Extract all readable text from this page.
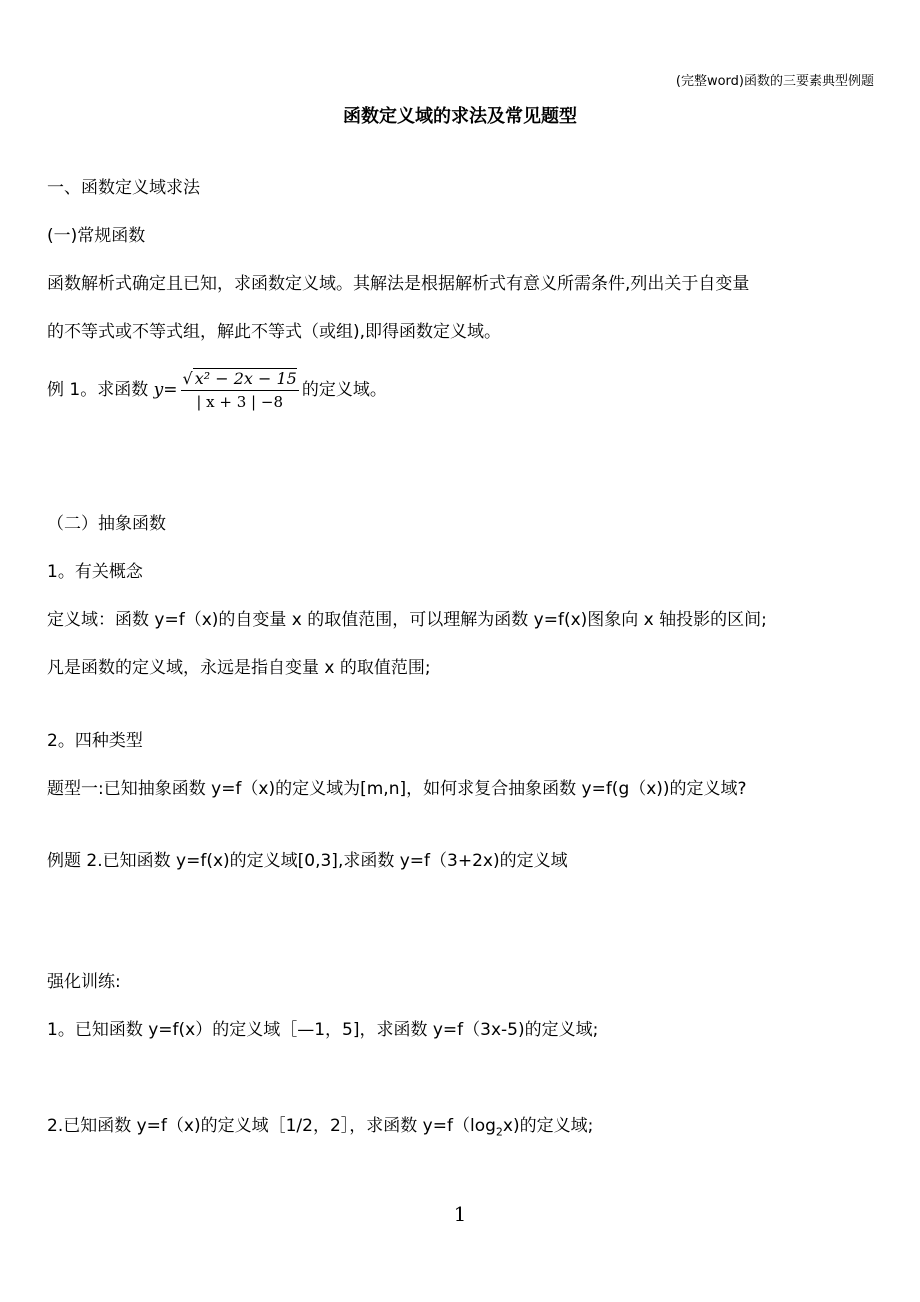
(完整word)函数的三要素典型例题
函数定义域的求法及常见题型
一、函数定义域求法
(一)常规函数
函数解析式确定且已知，求函数定义域。其解法是根据解析式有意义所需条件,列出关于自变量
的不等式或不等式组，解此不等式（或组),即得函数定义域。
例 1。求函数 $y= \frac{\text{√ x² − 2x − 15}}{| x + 3 | -8}$ 的定义域。
（二）抽象函数
1。有关概念
定义域：函数 y=f（x)的自变量 x 的取值范围，可以理解为函数 y=f(x)图象向 x 轴投影的区间;
凡是函数的定义域，永远是指自变量 x 的取值范围;
2。四种类型
题型一:已知抽象函数 y=f（x)的定义域为[m,n]，如何求复合抽象函数 y=f(g（x))的定义域?
例题 2.已知函数 y=f(x)的定义域[0,3],求函数 y=f（3+2x)的定义域
强化训练:
1。已知函数 y=f(x）的定义域［—1，5]，求函数 y=f（3x-5)的定义域;
2.已知函数 y=f（x)的定义域［1/2，2］，求函数 $y=f(\log_2x)$的定义域;
1
